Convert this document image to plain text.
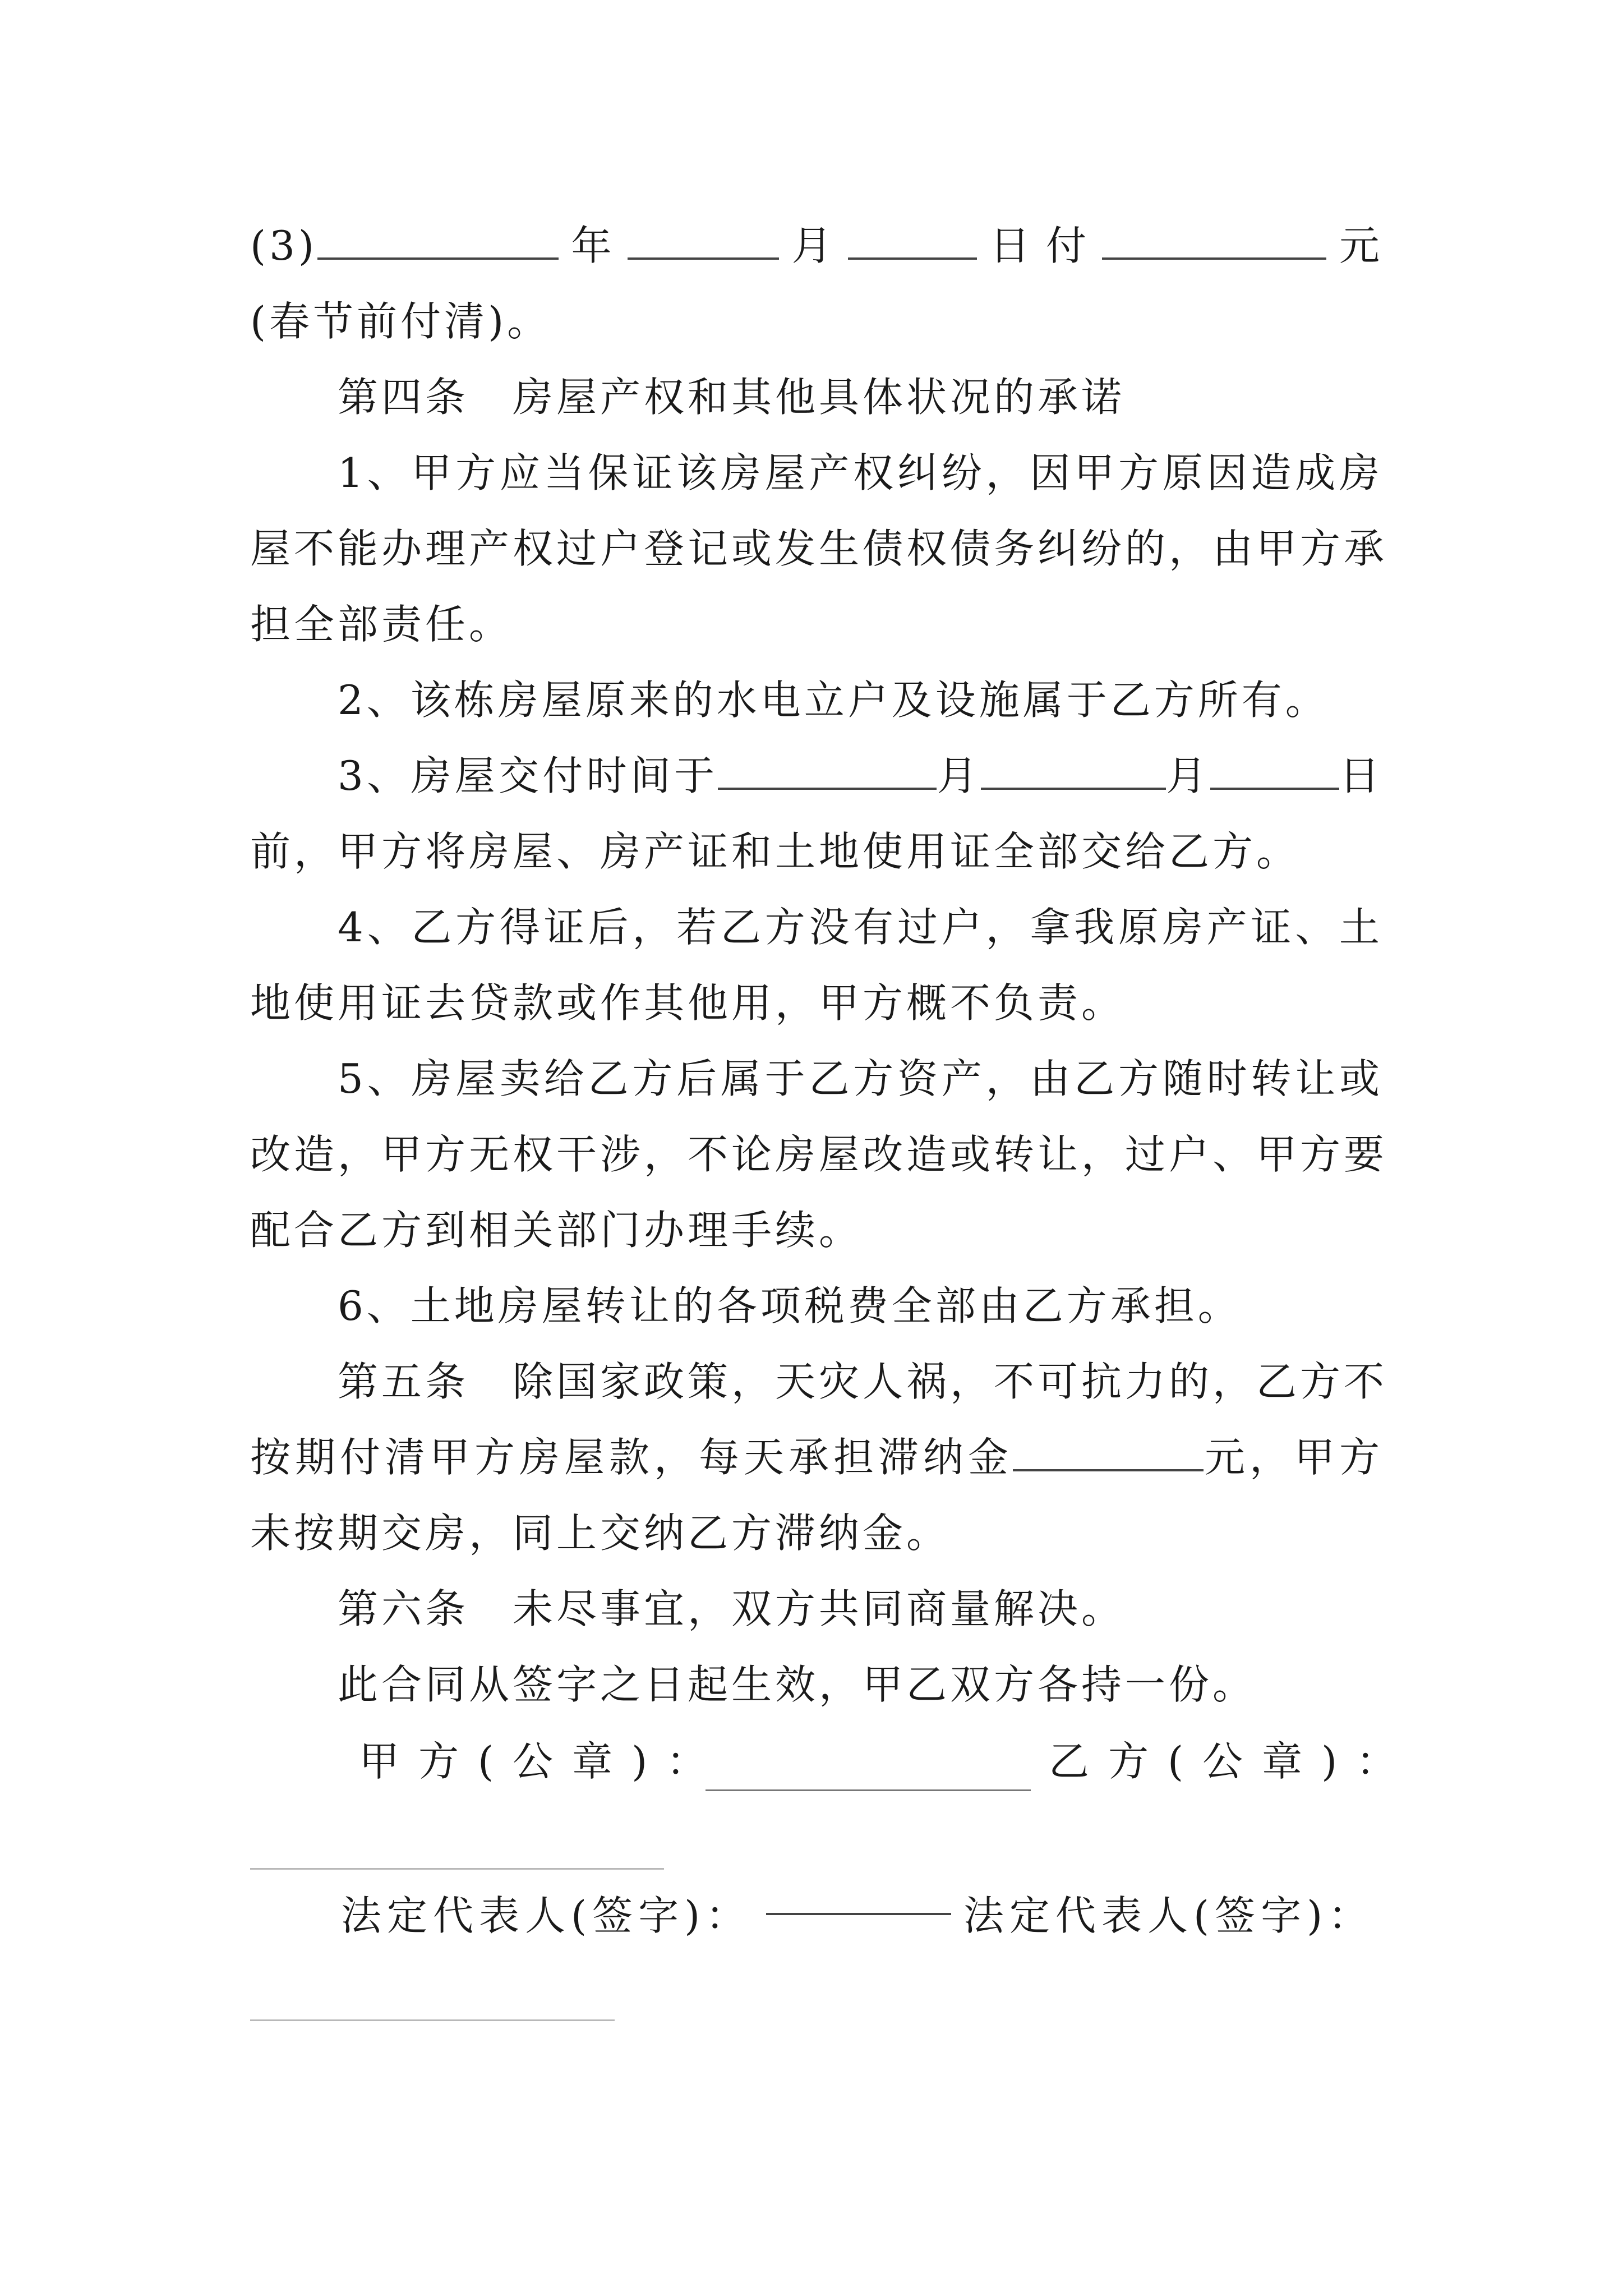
(3)	年	月	日付	元
(春节前付清)。
第四条　房屋产权和其他具体状况的承诺
1、甲方应当保证该房屋产权纠纷，因甲方原因造成房
屋不能办理产权过户登记或发生债权债务纠纷的，由甲方承
担全部责任。
2、该栋房屋原来的水电立户及设施属于乙方所有。
3、房屋交付时间于	月	月	日
前，甲方将房屋、房产证和土地使用证全部交给乙方。
4、乙方得证后，若乙方没有过户，拿我原房产证、土
地使用证去贷款或作其他用，甲方概不负责。
5、房屋卖给乙方后属于乙方资产，由乙方随时转让或
改造，甲方无权干涉，不论房屋改造或转让，过户、甲方要
配合乙方到相关部门办理手续。
6、土地房屋转让的各项税费全部由乙方承担。
第五条　除国家政策，天灾人祸，不可抗力的，乙方不
按期付清甲方房屋款，每天承担滞纳金	元，甲方
未按期交房，同上交纳乙方滞纳金。
第六条　未尽事宜，双方共同商量解决。
此合同从签字之日起生效，甲乙双方各持一份。
甲方(公章)：	乙方(公章)：
法定代表人(签字)：	法定代表人(签字)：
